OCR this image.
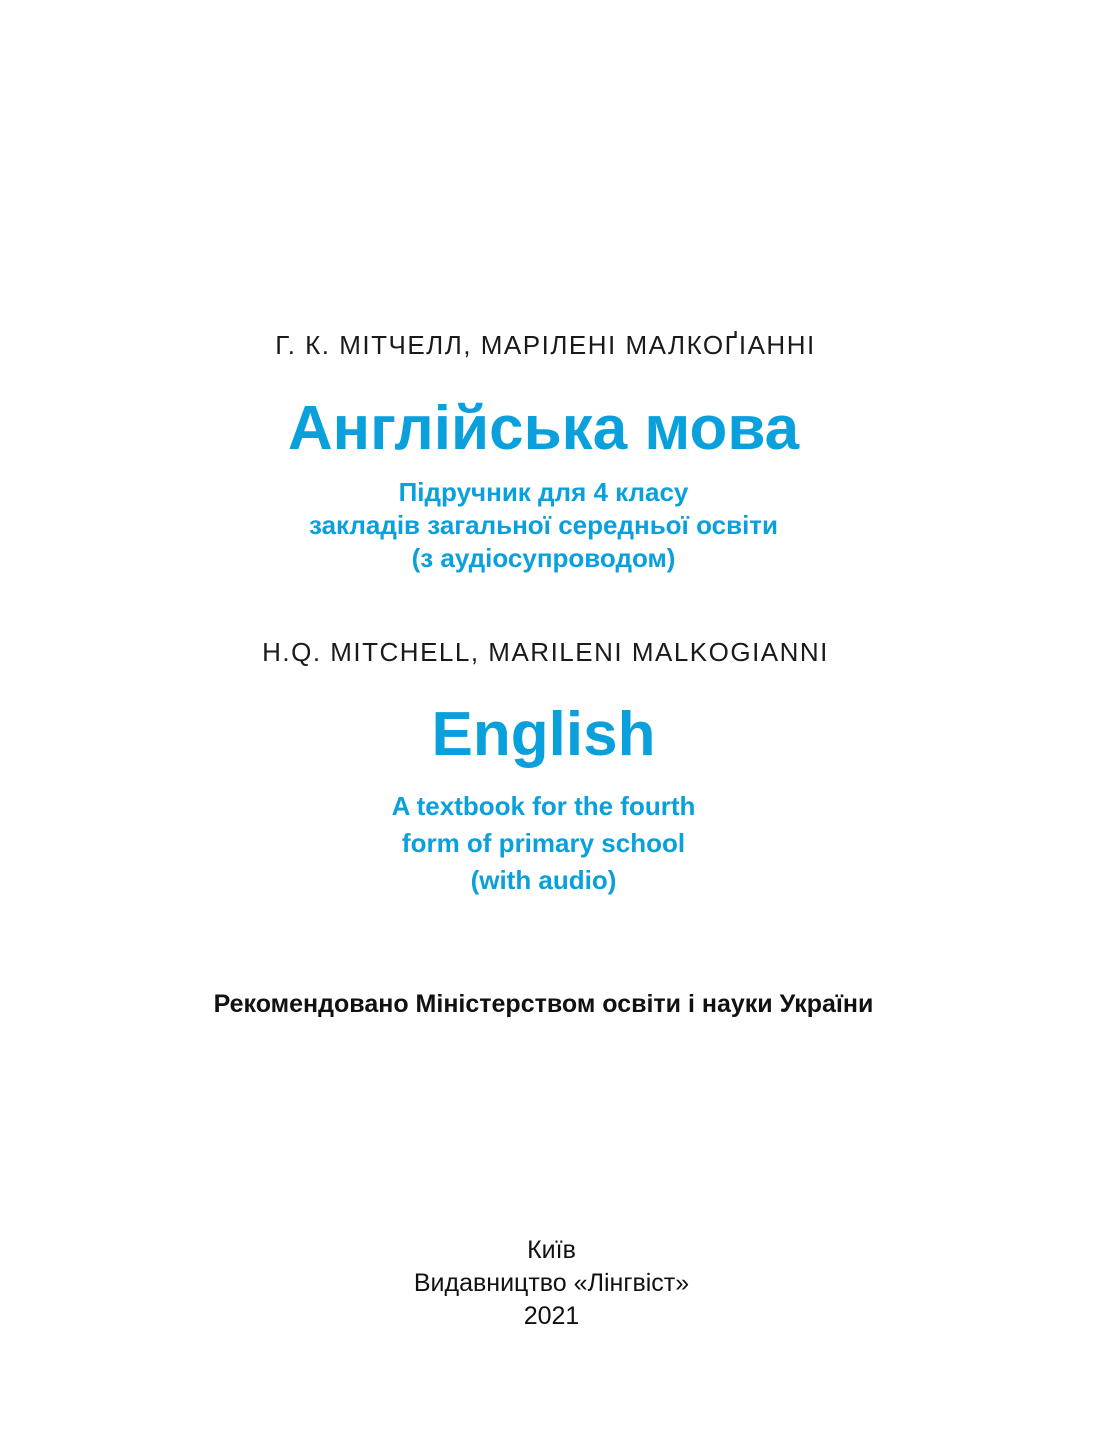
Г. К. МІТЧЕЛЛ, МАРІЛЕНІ МАЛКОҐІАННІ
Англійська мова
Підручник для 4 класу
закладів загальної середньої освіти
(з аудіосупроводом)
H.Q. MITCHELL, MARILENI MALKOGIANNI
English
A textbook for the fourth
form of primary school
(with audio)
Рекомендовано Міністерством освіти і науки України
Київ
Видавництво «Лінгвіст»
2021
